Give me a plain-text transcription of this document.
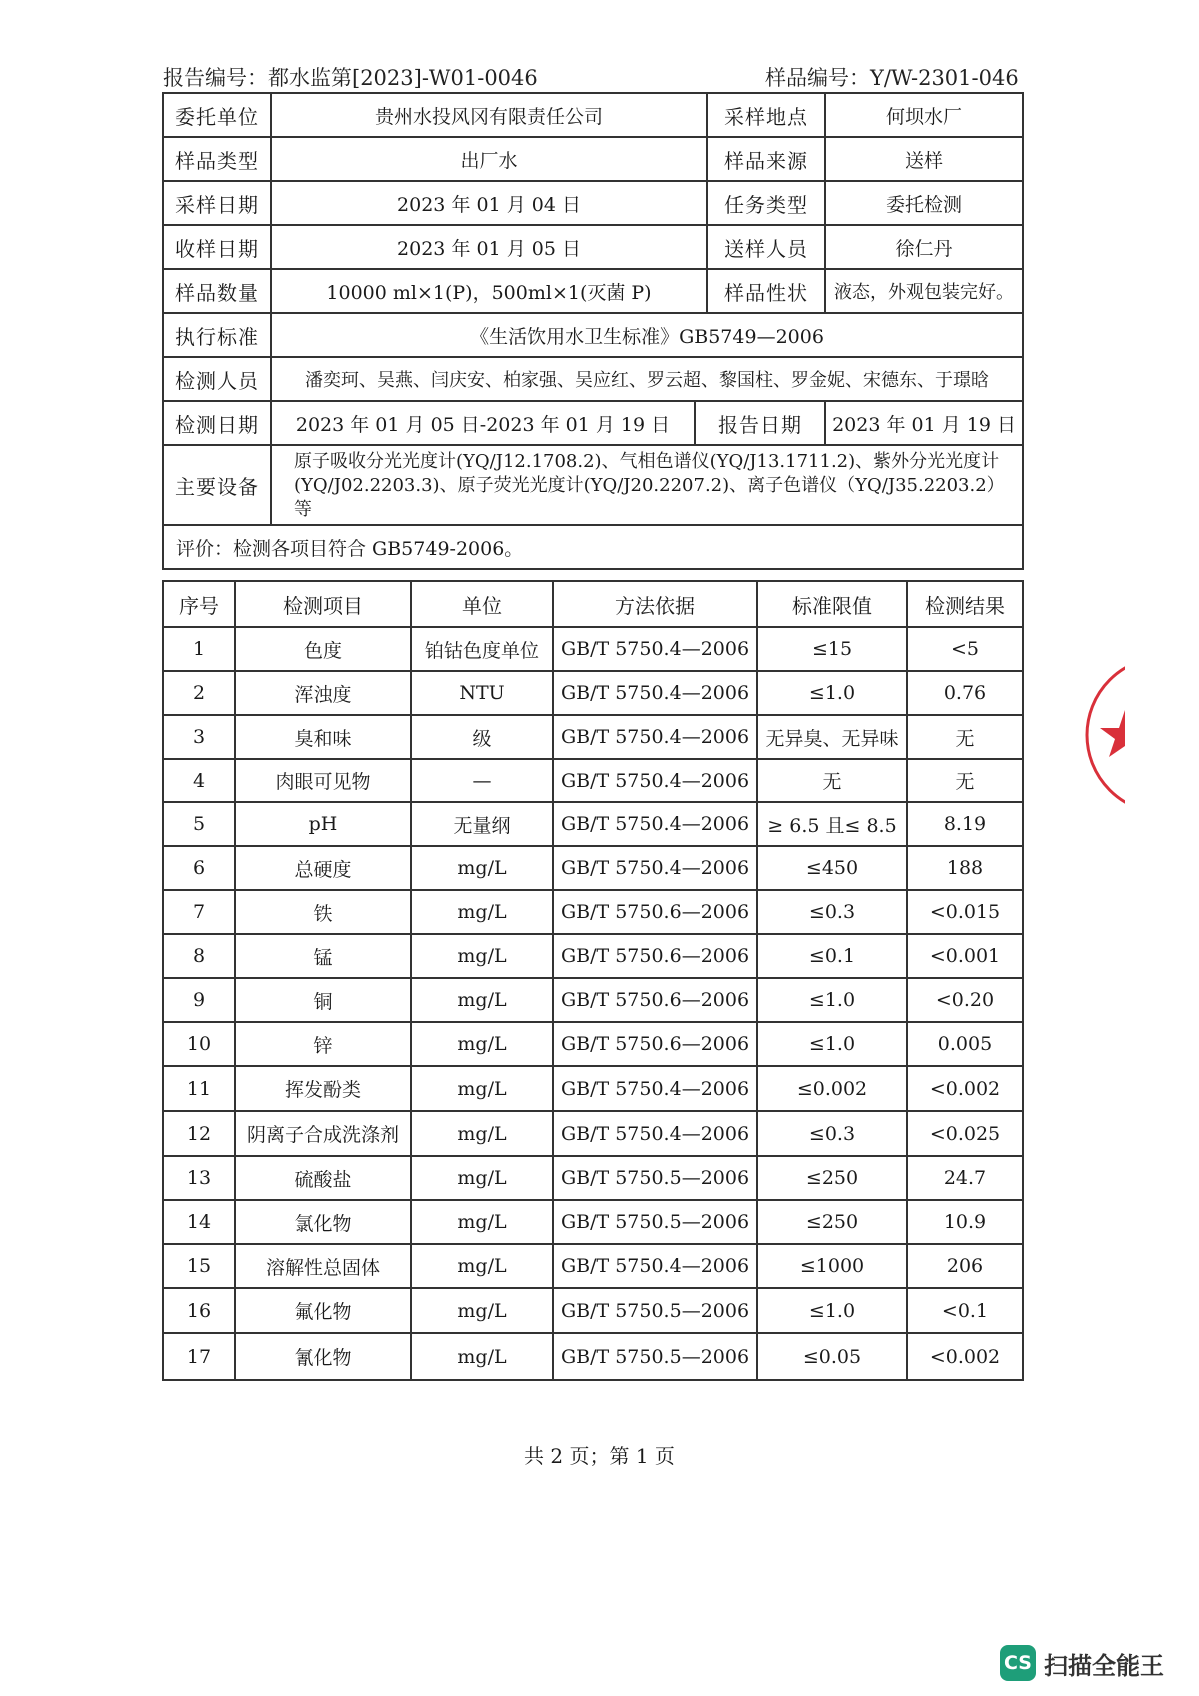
报告编号：都水监第[2023]-W01-0046	样品编号：Y/W-2301-046
委托单位	贵州水投风冈有限责任公司		采样地点	何坝水厂
样品类型	出厂水		样品来源	送样
采样日期	2023 年 01 月 04 日		任务类型	委托检测
收样日期	2023 年 01 月 05 日		送样人员	徐仁丹
样品数量	10000 ml×1(P)，500ml×1(灭菌 P)		样品性状	液态，外观包装完好。
执行标准	《生活饮用水卫生标准》GB5749—2006			
检测人员	潘奕珂、吴燕、闫庆安、柏家强、吴应红、罗云超、黎国柱、罗金妮、宋德东、于璟晗			
检测日期	2023 年 01 月 05 日-2023 年 01 月 19 日	报告日期		2023 年 01 月 19 日
主要设备	原子吸收分光光度计(YQ/J12.1708.2)、气相色谱仪(YQ/J13.1711.2)、紫外分光光度计(YQ/J02.2203.3)、原子荧光光度计(YQ/J20.2207.2)、离子色谱仪（YQ/J35.2203.2）等			
评价：检测各项目符合 GB5749-2006。				
序号	检测项目	单位	方法依据	标准限值	检测结果
1	色度	铂钴色度单位	GB/T 5750.4—2006	≤15	<5
2	浑浊度	NTU	GB/T 5750.4—2006	≤1.0	0.76
3	臭和味	级	GB/T 5750.4—2006	无异臭、无异味	无
4	肉眼可见物	—	GB/T 5750.4—2006	无	无
5	pH	无量纲	GB/T 5750.4—2006	≥ 6.5 且≤ 8.5	8.19
6	总硬度	mg/L	GB/T 5750.4—2006	≤450	188
7	铁	mg/L	GB/T 5750.6—2006	≤0.3	<0.015
8	锰	mg/L	GB/T 5750.6—2006	≤0.1	<0.001
9	铜	mg/L	GB/T 5750.6—2006	≤1.0	<0.20
10	锌	mg/L	GB/T 5750.6—2006	≤1.0	0.005
11	挥发酚类	mg/L	GB/T 5750.4—2006	≤0.002	<0.002
12	阴离子合成洗涤剂	mg/L	GB/T 5750.4—2006	≤0.3	<0.025
13	硫酸盐	mg/L	GB/T 5750.5—2006	≤250	24.7
14	氯化物	mg/L	GB/T 5750.5—2006	≤250	10.9
15	溶解性总固体	mg/L	GB/T 5750.4—2006	≤1000	206
16	氟化物	mg/L	GB/T 5750.5—2006	≤1.0	<0.1
17	氰化物	mg/L	GB/T 5750.5—2006	≤0.05	<0.002
共 2 页；第 1 页
CS 扫描全能王
